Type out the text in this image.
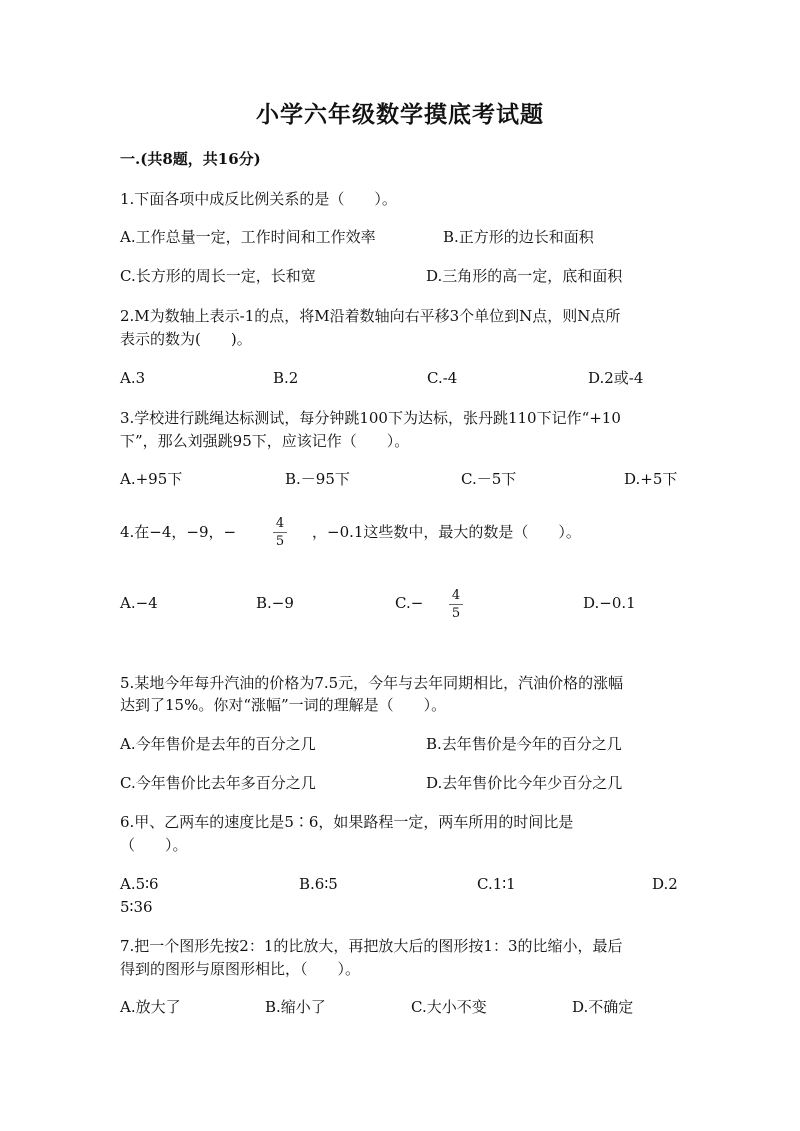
小学六年级数学摸底考试题
一.(共8题，共16分)
1.下面各项中成反比例关系的是（　　）。
A.工作总量一定，工作时间和工作效率	B.正方形的边长和面积
C.长方形的周长一定，长和宽	D.三角形的高一定，底和面积
2.M为数轴上表示-1的点，将M沿着数轴向右平移3个单位到N点，则N点所
表示的数为(　　)。
A.3	B.2	C.-4	D.2或-4
3.学校进行跳绳达标测试，每分钟跳100下为达标，张丹跳110下记作“+10
下”，那么刘强跳95下，应该记作（　　）。
A.+95下	B.－95下	C.－5下	D.+5下
4.在−4，−9，−	4
5
，−0.1这些数中，最大的数是（　　）。
A.−4	B.−9	C.− 4
5
D.−0.1
5.某地今年每升汽油的价格为7.5元，今年与去年同期相比，汽油价格的涨幅
达到了15%。你对“涨幅”一词的理解是（　　）。
A.今年售价是去年的百分之几	B.去年售价是今年的百分之几
C.今年售价比去年多百分之几	D.去年售价比今年少百分之几
6.甲、乙两车的速度比是5∶6，如果路程一定，两车所用的时间比是
（　　）。
A.5∶6	B.6∶5	C.1∶1	D.2
5∶36
7.把一个图形先按2：1的比放大，再把放大后的图形按1：3的比缩小，最后
得到的图形与原图形相比，（　　）。
A.放大了	B.缩小了	C.大小不变	D.不确定
